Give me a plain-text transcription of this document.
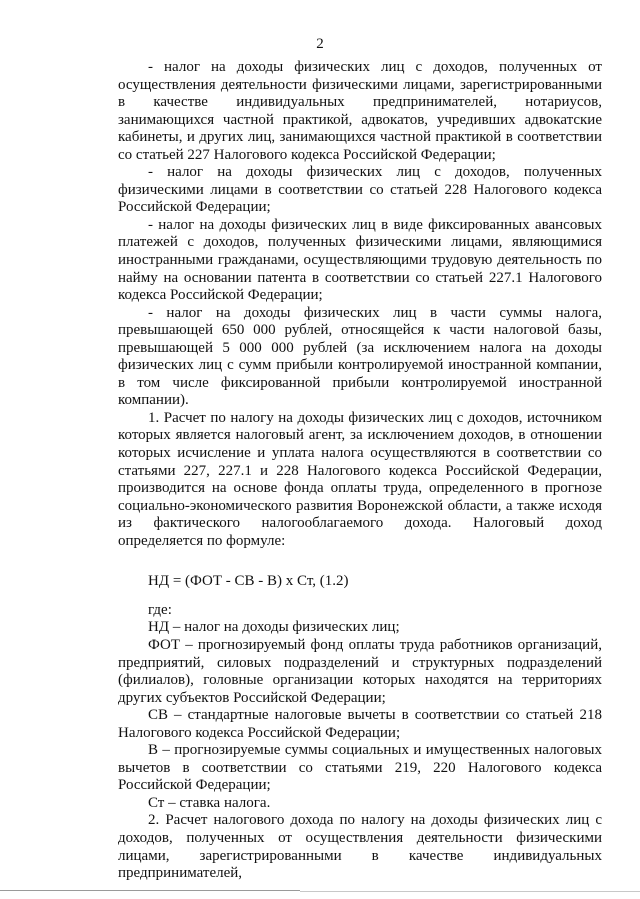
2

- налог на доходы физических лиц с доходов, полученных от осуществления деятельности физическими лицами, зарегистрированными в качестве индивидуальных предпринимателей, нотариусов, занимающихся частной практикой, адвокатов, учредивших адвокатские кабинеты, и других лиц, занимающихся частной практикой в соответствии со статьей 227 Налогового кодекса Российской Федерации;

- налог на доходы физических лиц с доходов, полученных физическими лицами в соответствии со статьей 228 Налогового кодекса Российской Федерации;

- налог на доходы физических лиц в виде фиксированных авансовых платежей с доходов, полученных физическими лицами, являющимися иностранными гражданами, осуществляющими трудовую деятельность по найму на основании патента в соответствии со статьей 227.1 Налогового кодекса Российской Федерации;

- налог на доходы физических лиц в части суммы налога, превышающей 650 000 рублей, относящейся к части налоговой базы, превышающей 5 000 000 рублей (за исключением налога на доходы физических лиц с сумм прибыли контролируемой иностранной компании, в том числе фиксированной прибыли контролируемой иностранной компании).

1. Расчет по налогу на доходы физических лиц с доходов, источником которых является налоговый агент, за исключением доходов, в отношении которых исчисление и уплата налога осуществляются в соответствии со статьями 227, 227.1 и 228 Налогового кодекса Российской Федерации, производится на основе фонда оплаты труда, определенного в прогнозе социально-экономического развития Воронежской области, а также исходя из фактического налогооблагаемого дохода. Налоговый доход определяется по формуле:

НД = (ФОТ - СВ - В) х Ст, (1.2)

где:

НД – налог на доходы физических лиц;

ФОТ – прогнозируемый фонд оплаты труда работников организаций, предприятий, силовых подразделений и структурных подразделений (филиалов), головные организации которых находятся на территориях других субъектов Российской Федерации;

СВ – стандартные налоговые вычеты в соответствии со статьей 218 Налогового кодекса Российской Федерации;

В – прогнозируемые суммы социальных и имущественных налоговых вычетов в соответствии со статьями 219, 220 Налогового кодекса Российской Федерации;

Ст – ставка налога.

2. Расчет налогового дохода по налогу на доходы физических лиц с доходов, полученных от осуществления деятельности физическими лицами, зарегистрированными в качестве индивидуальных предпринимателей,
